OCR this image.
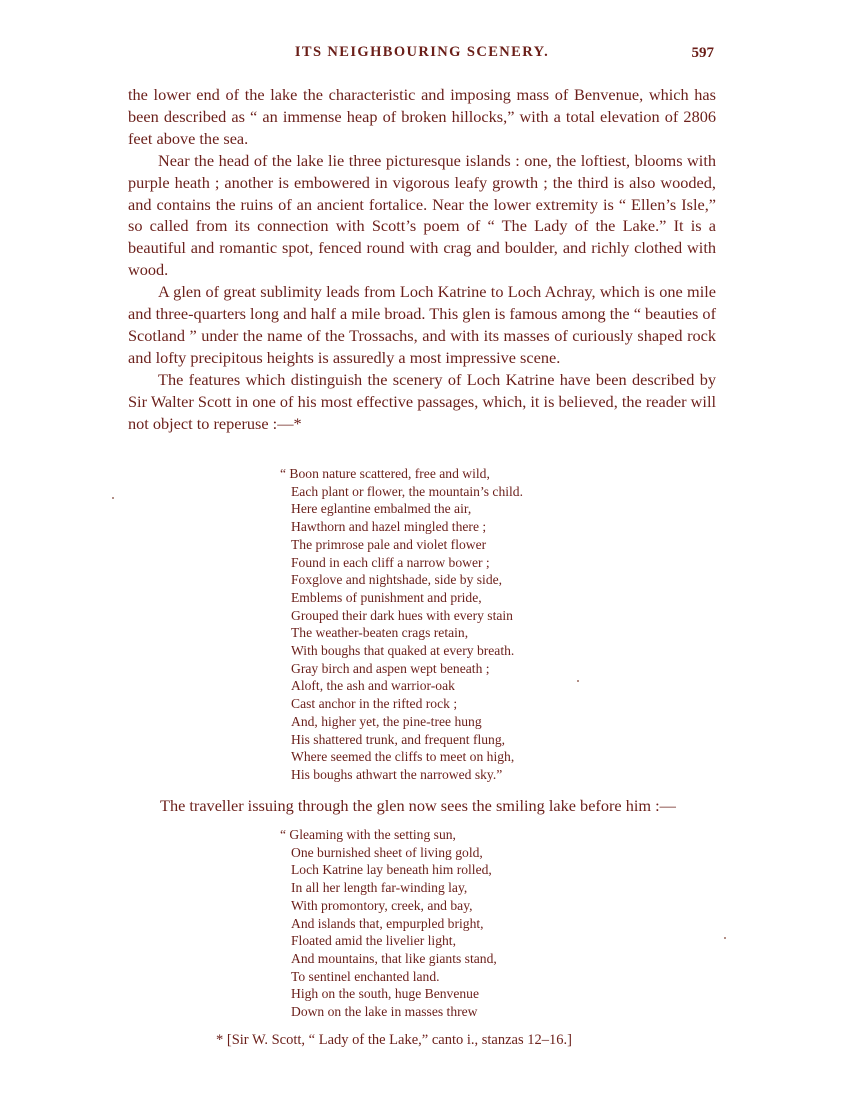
ITS NEIGHBOURING SCENERY.	597

the lower end of the lake the characteristic and imposing mass of Benvenue, which has been described as “ an immense heap of broken hillocks,” with a total elevation of 2806 feet above the sea.

Near the head of the lake lie three picturesque islands : one, the loftiest, blooms with purple heath ; another is embowered in vigorous leafy growth ; the third is also wooded, and contains the ruins of an ancient fortalice. Near the lower extremity is “ Ellen’s Isle,” so called from its connection with Scott’s poem of “ The Lady of the Lake.” It is a beautiful and romantic spot, fenced round with crag and boulder, and richly clothed with wood.

A glen of great sublimity leads from Loch Katrine to Loch Achray, which is one mile and three-quarters long and half a mile broad. This glen is famous among the “ beauties of Scotland ” under the name of the Trossachs, and with its masses of curiously shaped rock and lofty precipitous heights is assuredly a most impressive scene.

The features which distinguish the scenery of Loch Katrine have been described by Sir Walter Scott in one of his most effective passages, which, it is believed, the reader will not object to reperuse :—*

“ Boon nature scattered, free and wild,
Each plant or flower, the mountain’s child.
Here eglantine embalmed the air,
Hawthorn and hazel mingled there ;
The primrose pale and violet flower
Found in each cliff a narrow bower ;
Foxglove and nightshade, side by side,
Emblems of punishment and pride,
Grouped their dark hues with every stain
The weather-beaten crags retain,
With boughs that quaked at every breath.
Gray birch and aspen wept beneath ;
Aloft, the ash and warrior-oak
Cast anchor in the rifted rock ;
And, higher yet, the pine-tree hung
His shattered trunk, and frequent flung,
Where seemed the cliffs to meet on high,
His boughs athwart the narrowed sky.”
The traveller issuing through the glen now sees the smiling lake before him :—
“ Gleaming with the setting sun,
One burnished sheet of living gold,
Loch Katrine lay beneath him rolled,
In all her length far-winding lay,
With promontory, creek, and bay,
And islands that, empurpled bright,
Floated amid the livelier light,
And mountains, that like giants stand,
To sentinel enchanted land.
High on the south, huge Benvenue
Down on the lake in masses threw
* [Sir W. Scott, “ Lady of the Lake,” canto i., stanzas 12–16.]
